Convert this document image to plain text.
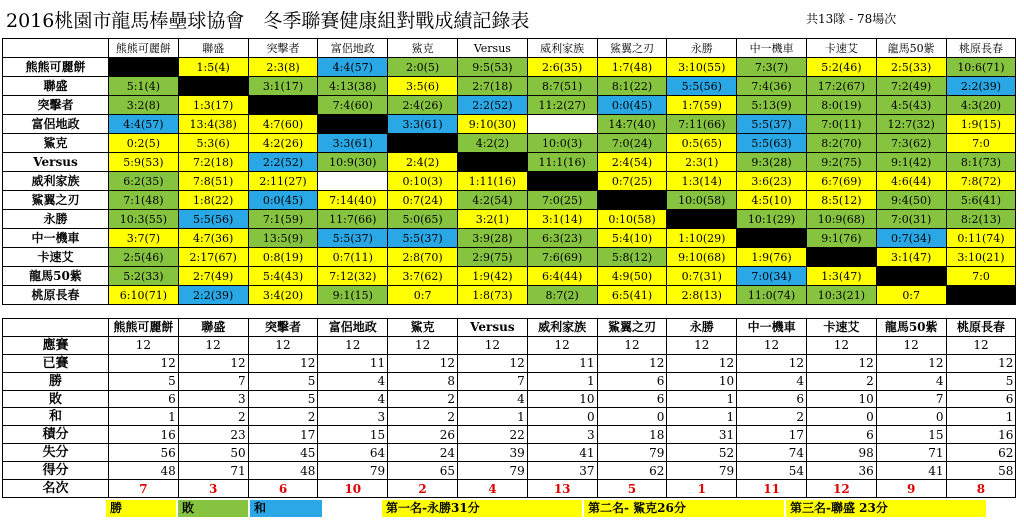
2016桃園市龍馬棒壘球協會　冬季聯賽健康組對戰成績記錄表	共13隊 - 78場次
	熊熊可麗餅	聯盛	突擊者	富侶地政	鯊克	Versus	威利家族	鯊翼之刃	永勝	中一機車	卡速艾	龍馬50紫	桃原長春
熊熊可麗餅		1:5(4)	2:3(8)	4:4(57)	2:0(5)	9:5(53)	2:6(35)	1:7(48)	3:10(55)	7:3(7)	5:2(46)	2:5(33)	10:6(71)
聯盛	5:1(4)		3:1(17)	4:13(38)	3:5(6)	2:7(18)	8:7(51)	8:1(22)	5:5(56)	7:4(36)	17:2(67)	7:2(49)	2:2(39)
突擊者	3:2(8)	1:3(17)		7:4(60)	2:4(26)	2:2(52)	11:2(27)	0:0(45)	1:7(59)	5:13(9)	8:0(19)	4:5(43)	4:3(20)
富侶地政	4:4(57)	13:4(38)	4:7(60)		3:3(61)	9:10(30)		14:7(40)	7:11(66)	5:5(37)	7:0(11)	12:7(32)	1:9(15)
鯊克	0:2(5)	5:3(6)	4:2(26)	3:3(61)		4:2(2)	10:0(3)	7:0(24)	0:5(65)	5:5(63)	8:2(70)	7:3(62)	7:0
Versus	5:9(53)	7:2(18)	2:2(52)	10:9(30)	2:4(2)		11:1(16)	2:4(54)	2:3(1)	9:3(28)	9:2(75)	9:1(42)	8:1(73)
威利家族	6:2(35)	7:8(51)	2:11(27)		0:10(3)	1:11(16)		0:7(25)	1:3(14)	3:6(23)	6:7(69)	4:6(44)	7:8(72)
鯊翼之刃	7:1(48)	1:8(22)	0:0(45)	7:14(40)	0:7(24)	4:2(54)	7:0(25)		10:0(58)	4:5(10)	8:5(12)	9:4(50)	5:6(41)
永勝	10:3(55)	5:5(56)	7:1(59)	11:7(66)	5:0(65)	3:2(1)	3:1(14)	0:10(58)		10:1(29)	10:9(68)	7:0(31)	8:2(13)
中一機車	3:7(7)	4:7(36)	13:5(9)	5:5(37)	5:5(37)	3:9(28)	6:3(23)	5:4(10)	1:10(29)		9:1(76)	0:7(34)	0:11(74)
卡速艾	2:5(46)	2:17(67)	0:8(19)	0:7(11)	2:8(70)	2:9(75)	7:6(69)	5:8(12)	9:10(68)	1:9(76)		3:1(47)	3:10(21)
龍馬50紫	5:2(33)	2:7(49)	5:4(43)	7:12(32)	3:7(62)	1:9(42)	6:4(44)	4:9(50)	0:7(31)	7:0(34)	1:3(47)		7:0
桃原長春	6:10(71)	2:2(39)	3:4(20)	9:1(15)	0:7	1:8(73)	8:7(2)	6:5(41)	2:8(13)	11:0(74)	10:3(21)	0:7	
	熊熊可麗餅	聯盛	突擊者	富侶地政	鯊克	Versus	威利家族	鯊翼之刃	永勝	中一機車	卡速艾	龍馬50紫	桃原長春
應賽	12	12	12	12	12	12	12	12	12	12	12	12	12
已賽	12	12	12	11	12	12	11	12	12	12	12	12	12
勝	5	7	5	4	8	7	1	6	10	4	2	4	5
敗	6	3	5	4	2	4	10	6	1	6	10	7	6
和	1	2	2	3	2	1	0	0	1	2	0	0	1
積分	16	23	17	15	26	22	3	18	31	17	6	15	16
失分	56	50	45	64	24	39	41	79	52	74	98	71	62
得分	48	71	48	79	65	79	37	62	79	54	36	41	58
名次	7	3	6	10	2	4	13	5	1	11	12	9	8
勝	敗	和	第一名-永勝31分	第二名- 鯊克26分	第三名-聯盛 23分
